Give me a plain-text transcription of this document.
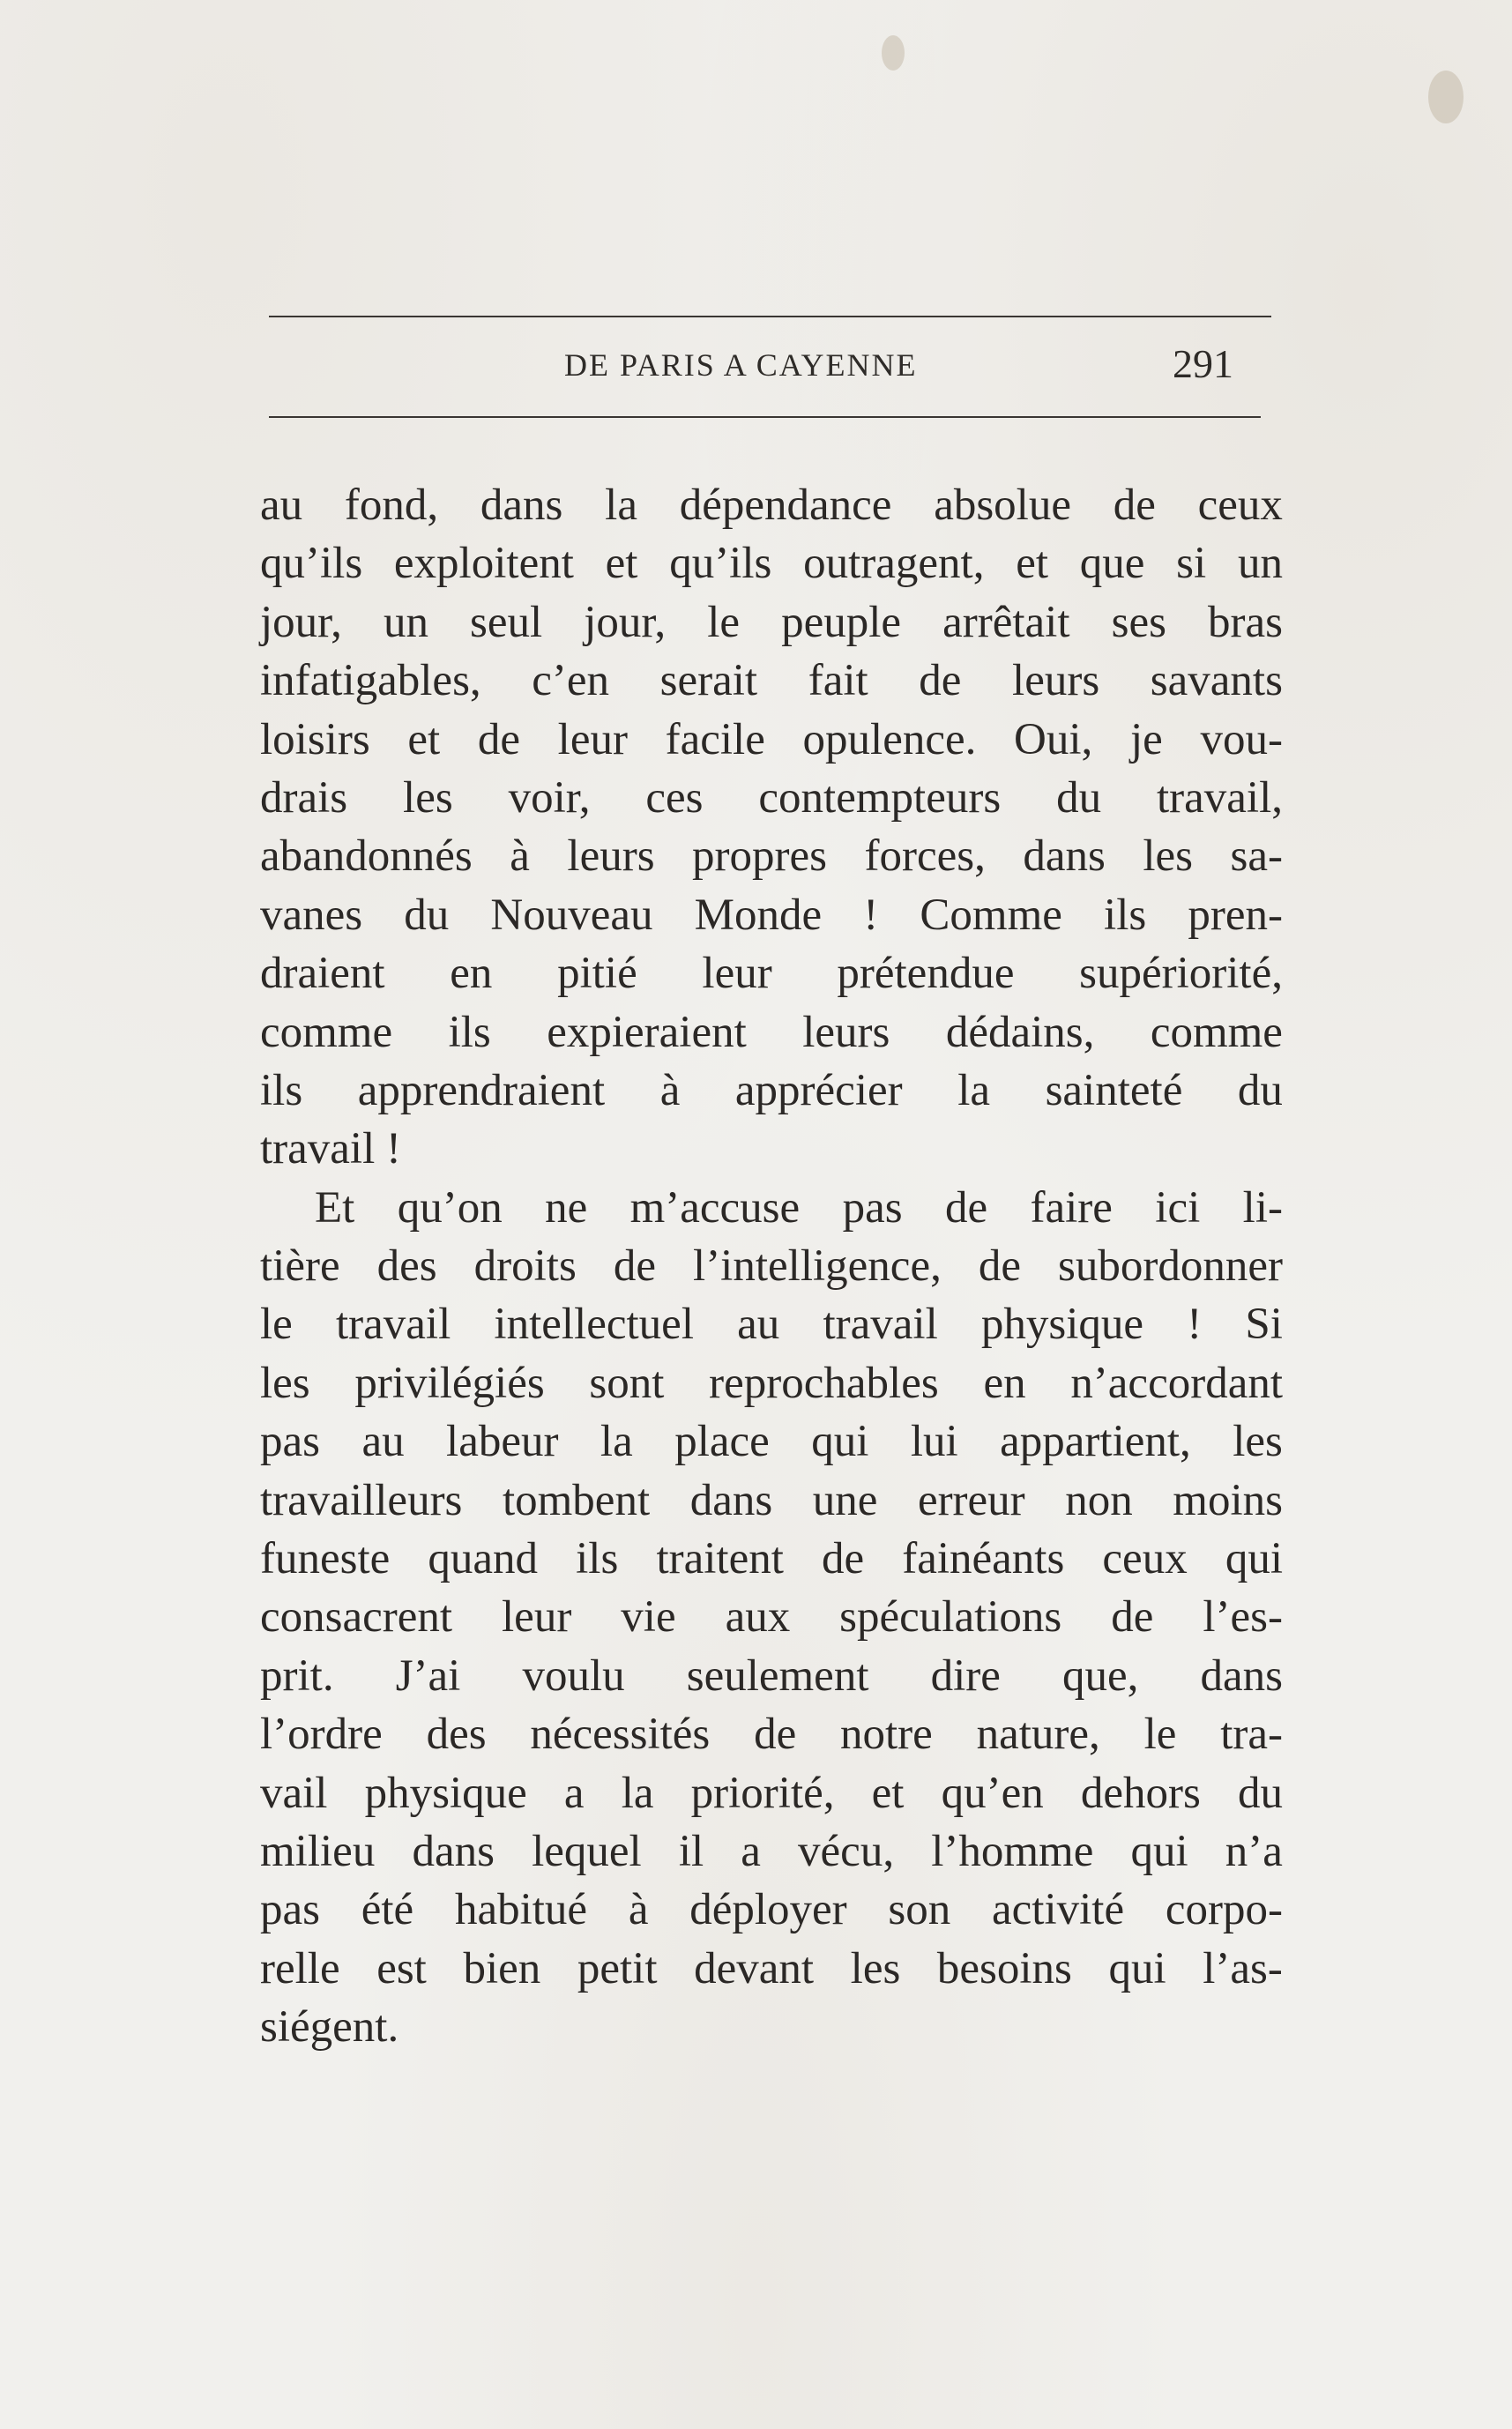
DE PARIS A CAYENNE	291
au fond, dans la dépendance absolue de ceux
qu’ils exploitent et qu’ils outragent, et que si un
jour, un seul jour, le peuple arrêtait ses bras
infatigables, c’en serait fait de leurs savants
loisirs et de leur facile opulence. Oui, je vou-
drais les voir, ces contempteurs du travail,
abandonnés à leurs propres forces, dans les sa-
vanes du Nouveau Monde ! Comme ils pren-
draient en pitié leur prétendue supériorité,
comme ils expieraient leurs dédains, comme
ils apprendraient à apprécier la sainteté du
travail !
Et qu’on ne m’accuse pas de faire ici li-
tière des droits de l’intelligence, de subordonner
le travail intellectuel au travail physique ! Si
les privilégiés sont reprochables en n’accordant
pas au labeur la place qui lui appartient, les
travailleurs tombent dans une erreur non moins
funeste quand ils traitent de fainéants ceux qui
consacrent leur vie aux spéculations de l’es-
prit. J’ai voulu seulement dire que, dans
l’ordre des nécessités de notre nature, le tra-
vail physique a la priorité, et qu’en dehors du
milieu dans lequel il a vécu, l’homme qui n’a
pas été habitué à déployer son activité corpo-
relle est bien petit devant les besoins qui l’as-
siégent.
